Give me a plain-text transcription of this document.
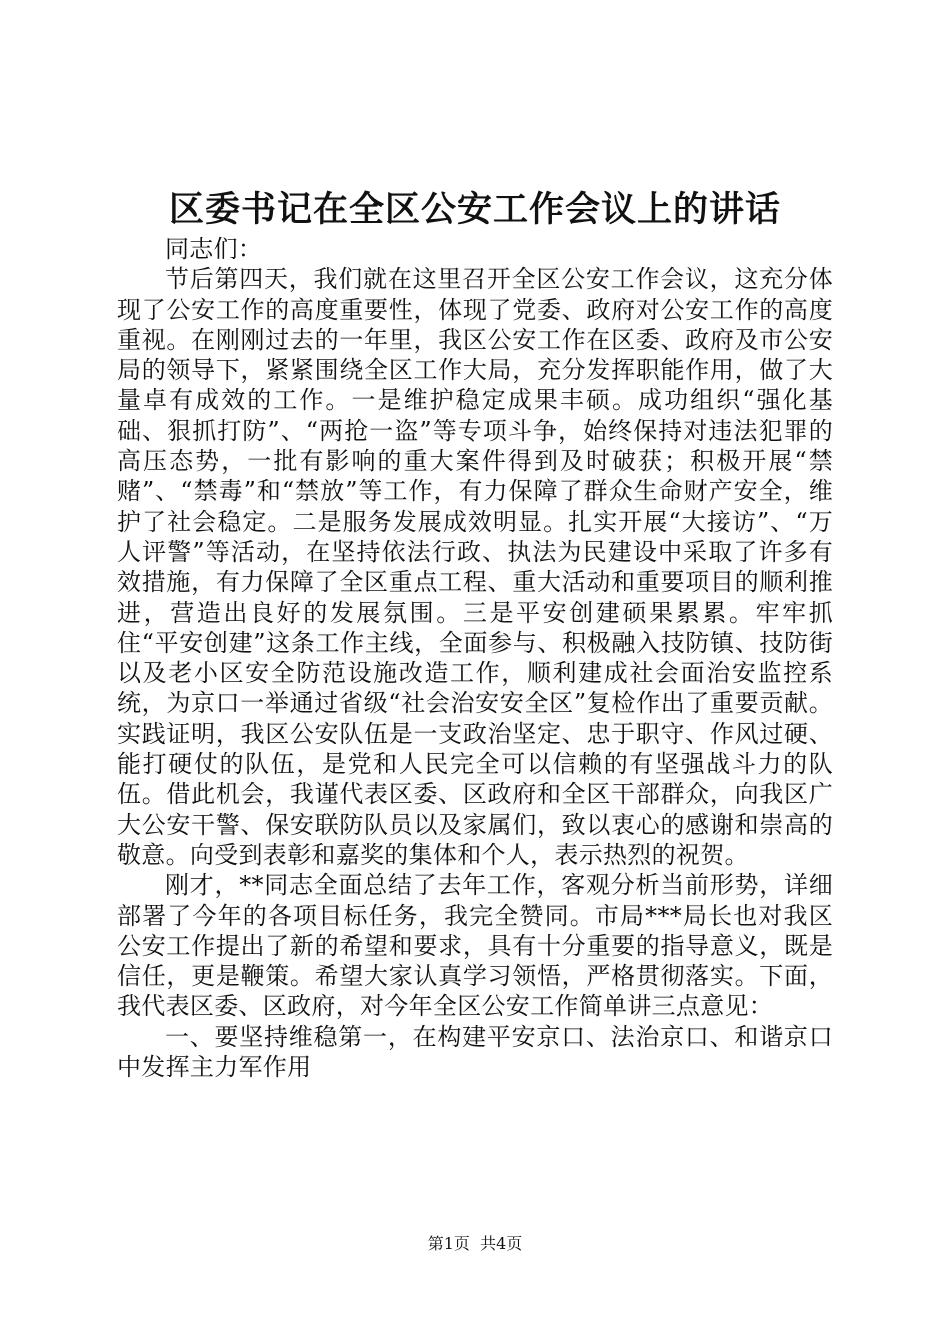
区委书记在全区公安工作会议上的讲话

同志们：

节后第四天，我们就在这里召开全区公安工作会议，这充分体现了公安工作的高度重要性，体现了党委、政府对公安工作的高度重视。在刚刚过去的一年里，我区公安工作在区委、政府及市公安局的领导下，紧紧围绕全区工作大局，充分发挥职能作用，做了大量卓有成效的工作。一是维护稳定成果丰硕。成功组织“强化基础、狠抓打防”、“两抢一盗”等专项斗争，始终保持对违法犯罪的高压态势，一批有影响的重大案件得到及时破获；积极开展“禁赌”、“禁毒”和“禁放”等工作，有力保障了群众生命财产安全，维护了社会稳定。二是服务发展成效明显。扎实开展“大接访”、“万人评警”等活动，在坚持依法行政、执法为民建设中采取了许多有效措施，有力保障了全区重点工程、重大活动和重要项目的顺利推进，营造出良好的发展氛围。三是平安创建硕果累累。牢牢抓住“平安创建”这条工作主线，全面参与、积极融入技防镇、技防街以及老小区安全防范设施改造工作，顺利建成社会面治安监控系统，为京口一举通过省级“社会治安安全区”复检作出了重要贡献。实践证明，我区公安队伍是一支政治坚定、忠于职守、作风过硬、能打硬仗的队伍，是党和人民完全可以信赖的有坚强战斗力的队伍。借此机会，我谨代表区委、区政府和全区干部群众，向我区广大公安干警、保安联防队员以及家属们，致以衷心的感谢和崇高的敬意。向受到表彰和嘉奖的集体和个人，表示热烈的祝贺。

刚才，**同志全面总结了去年工作，客观分析当前形势，详细部署了今年的各项目标任务，我完全赞同。市局***局长也对我区公安工作提出了新的希望和要求，具有十分重要的指导意义，既是信任，更是鞭策。希望大家认真学习领悟，严格贯彻落实。下面，我代表区委、区政府，对今年全区公安工作简单讲三点意见：

一、要坚持维稳第一，在构建平安京口、法治京口、和谐京口中发挥主力军作用

第1页 共4页
